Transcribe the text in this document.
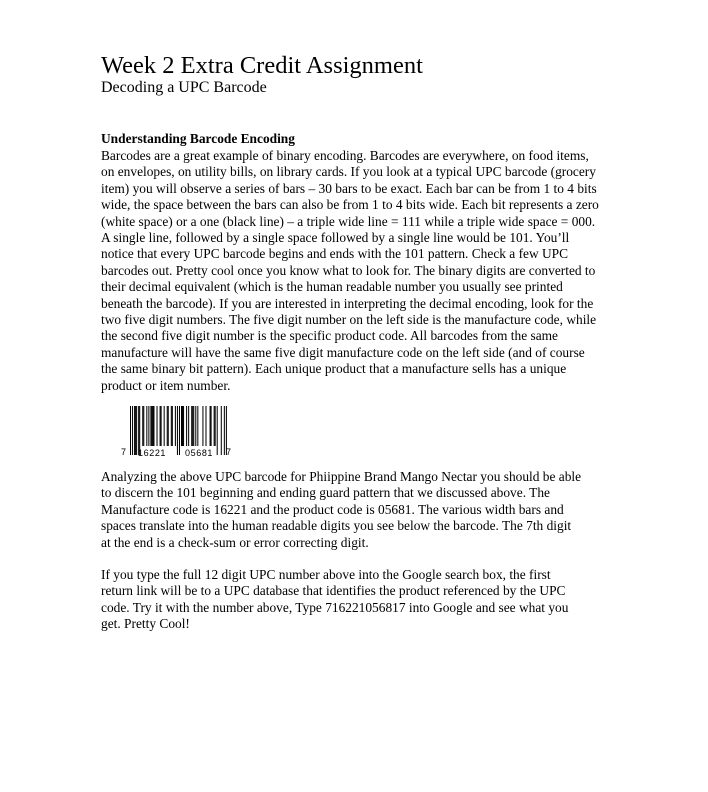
Week 2 Extra Credit Assignment
Decoding a UPC Barcode
Understanding Barcode Encoding
Barcodes are a great example of binary encoding. Barcodes are everywhere, on food items,
on envelopes, on utility bills, on library cards. If you look at a typical UPC barcode (grocery
item) you will observe a series of bars – 30 bars to be exact. Each bar can be from 1 to 4 bits
wide, the space between the bars can also be from 1 to 4 bits wide. Each bit represents a zero
(white space) or a one (black line) – a triple wide line = 111 while a triple wide space = 000.
A single line, followed by a single space followed by a single line would be 101. You’ll
notice that every UPC barcode begins and ends with the 101 pattern. Check a few UPC
barcodes out. Pretty cool once you know what to look for. The binary digits are converted to
their decimal equivalent (which is the human readable number you usually see printed
beneath the barcode). If you are interested in interpreting the decimal encoding, look for the
two five digit numbers. The five digit number on the left side is the manufacture code, while
the second five digit number is the specific product code. All barcodes from the same
manufacture will have the same five digit manufacture code on the left side (and of course
the same binary bit pattern). Each unique product that a manufacture sells has a unique
product or item number.
7 16221 05681 7
Analyzing the above UPC barcode for Phiippine Brand Mango Nectar you should be able
to discern the 101 beginning and ending guard pattern that we discussed above. The
Manufacture code is 16221 and the product code is 05681. The various width bars and
spaces translate into the human readable digits you see below the barcode. The 7th digit
at the end is a check-sum or error correcting digit.
If you type the full 12 digit UPC number above into the Google search box, the first
return link will be to a UPC database that identifies the product referenced by the UPC
code. Try it with the number above, Type 716221056817 into Google and see what you
get. Pretty Cool!
